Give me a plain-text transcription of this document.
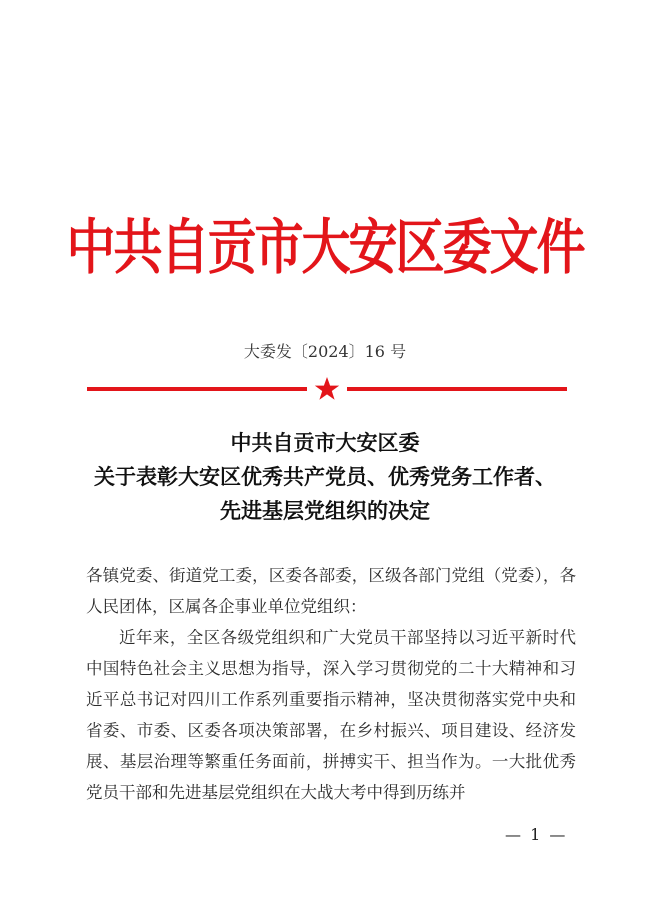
中共自贡市大安区委文件
大委发〔2024〕16 号
中共自贡市大安区委
关于表彰大安区优秀共产党员、优秀党务工作者、
先进基层党组织的决定

各镇党委、街道党工委，区委各部委，区级各部门党组（党委），各人民团体，区属各企事业单位党组织：

近年来，全区各级党组织和广大党员干部坚持以习近平新时代中国特色社会主义思想为指导，深入学习贯彻党的二十大精神和习近平总书记对四川工作系列重要指示精神，坚决贯彻落实党中央和省委、市委、区委各项决策部署，在乡村振兴、项目建设、经济发展、基层治理等繁重任务面前，拼搏实干、担当作为。一大批优秀党员干部和先进基层党组织在大战大考中得到历练并

— 1 —
